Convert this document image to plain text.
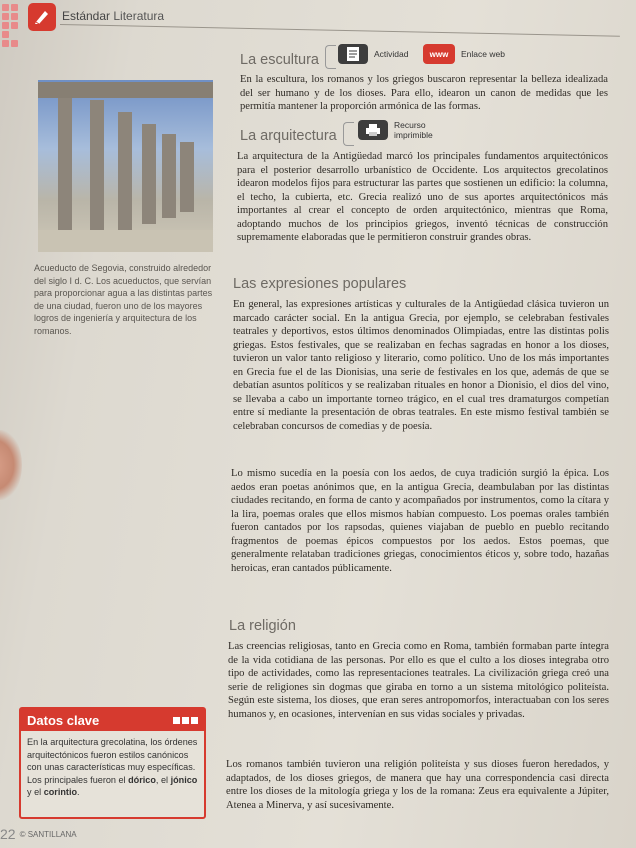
Estándar Literatura
Acueducto de Segovia, construido alrededor del siglo I d. C. Los acueductos, que servían para proporcionar agua a las distintas partes de una ciudad, fueron uno de los mayores logros de ingeniería y arquitectura de los romanos.
La escultura	Actividad	www	Enlace web
En la escultura, los romanos y los griegos buscaron representar la belleza idealizada del ser humano y de los dioses. Para ello, idearon un canon de medidas que les permitía mantener la proporción armónica de las formas.
La arquitectura
Recurso
imprimible
La arquitectura de la Antigüedad marcó los principales fundamentos arquitectónicos para el posterior desarrollo urbanístico de Occidente. Los arquitectos grecolatinos idearon modelos fijos para estructurar las partes que sostienen un edificio: la columna, el techo, la cubierta, etc. Grecia realizó uno de sus aportes arquitectónicos más importantes al crear el concepto de orden arquitectónico, mientras que Roma, adoptando muchos de los principios griegos, inventó técnicas de construcción supremamente elaboradas que le permitieron construir grandes obras.
Las expresiones populares
En general, las expresiones artísticas y culturales de la Antigüedad clásica tuvieron un marcado carácter social. En la antigua Grecia, por ejemplo, se celebraban festivales teatrales y deportivos, estos últimos denominados Olimpiadas, entre las distintas polis griegas. Estos festivales, que se realizaban en fechas sagradas en honor a los dioses, tuvieron un valor tanto religioso y literario, como político. Uno de los más importantes en Grecia fue el de las Dionisias, una serie de festivales en los que, además de que se debatían asuntos políticos y se realizaban rituales en honor a Dionisio, el dios del vino, se llevaba a cabo un importante torneo trágico, en el cual tres dramaturgos competían entre sí mediante la presentación de obras teatrales. En este mismo festival también se celebraban concursos de comedias y de poesía.
Lo mismo sucedía en la poesía con los aedos, de cuya tradición surgió la épica. Los aedos eran poetas anónimos que, en la antigua Grecia, deambulaban por las distintas ciudades recitando, en forma de canto y acompañados por instrumentos, como la cítara y la lira, poemas orales que ellos mismos habían compuesto. Los poemas orales también fueron cantados por los rapsodas, quienes viajaban de pueblo en pueblo recitando fragmentos de poemas épicos compuestos por los aedos. Estos poemas, que generalmente relataban tradiciones griegas, conocimientos éticos y, sobre todo, hazañas heroicas, eran cantados públicamente.
La religión
Las creencias religiosas, tanto en Grecia como en Roma, también formaban parte íntegra de la vida cotidiana de las personas. Por ello es que el culto a los dioses integraba otro tipo de actividades, como las representaciones teatrales. La civilización griega creó una serie de religiones sin dogmas que giraba en torno a un sistema mitológico politeísta. Según este sistema, los dioses, que eran seres antropomorfos, interactuaban con los seres humanos y, en ocasiones, intervenían en sus vidas sociales y privadas.
Los romanos también tuvieron una religión politeísta y sus dioses fueron heredados, y adaptados, de los dioses griegos, de manera que hay una correspondencia casi directa entre los dioses de la mitología griega y los de la romana: Zeus era equivalente a Júpiter, Atenea a Minerva, y así sucesivamente.
Datos clave
En la arquitectura grecolatina, los órdenes arquitectónicos fueron estilos canónicos con unas características muy específicas. Los principales fueron el dórico, el jónico y el corintio.
22 © SANTILLANA
